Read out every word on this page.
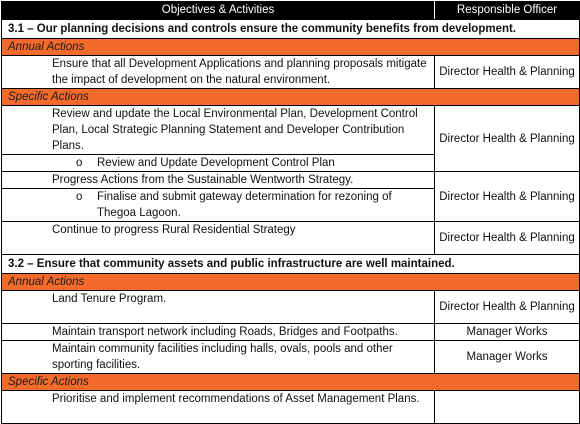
Objectives & Activities	Responsible Officer
3.1 – Our planning decisions and controls ensure the community benefits from development.	
Annual Actions	
Ensure that all Development Applications and planning proposals mitigate the impact of development on the natural environment.	Director Health & Planning
Specific Actions	
Review and update the Local Environmental Plan, Development Control Plan, Local Strategic Planning Statement and Developer Contribution Plans.	Director Health & Planning

o Review and Update Development Control Plan	
Progress Actions from the Sustainable Wentworth Strategy.	Director Health & Planning

o Finalise and submit gateway determination for rezoning of Thegoa Lagoon.	
Continue to progress Rural Residential Strategy	Director Health & Planning
3.2 – Ensure that community assets and public infrastructure are well maintained.	
Annual Actions	
Land Tenure Program.	Director Health & Planning
Maintain transport network including Roads, Bridges and Footpaths.	Manager Works
Maintain community facilities including halls, ovals, pools and other sporting facilities.	Manager Works
Specific Actions	
Prioritise and implement recommendations of Asset Management Plans.	
